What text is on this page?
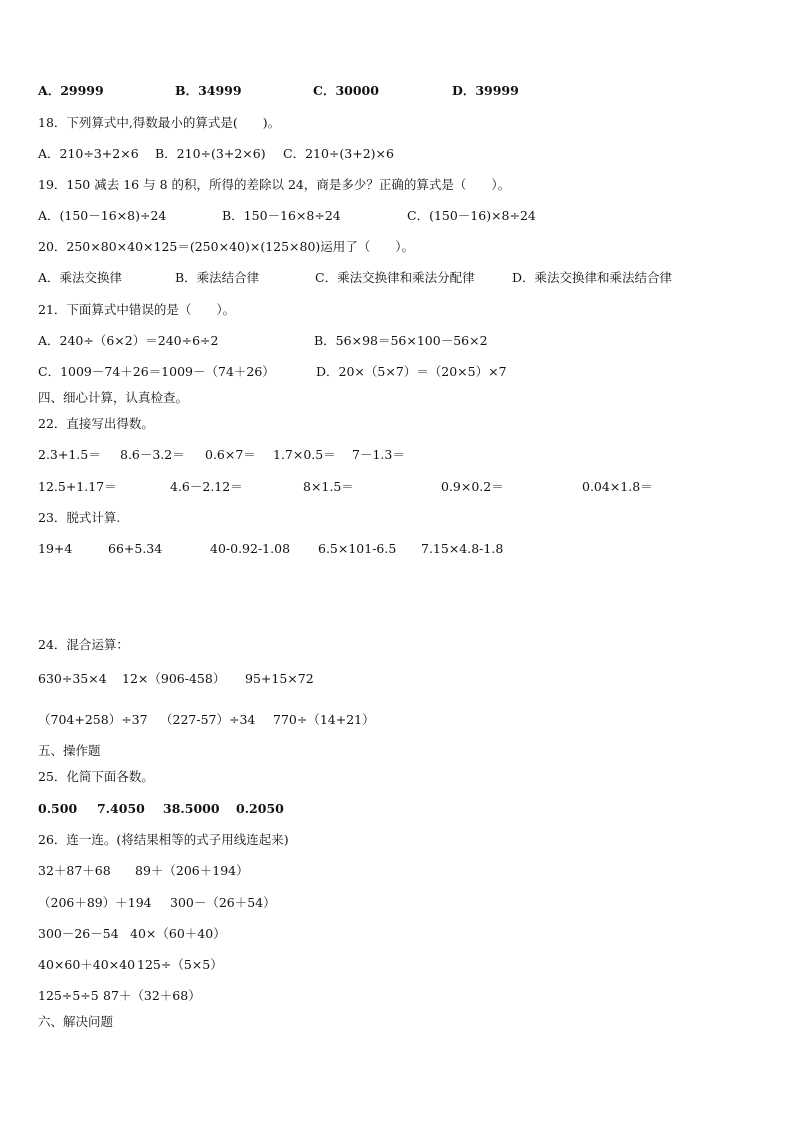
A．29999	B．34999	C．30000	D．39999
18．下列算式中,得数最小的算式是(　　)。
A．210÷3+2×6 B．210÷(3+2×6) C．210÷(3+2)×6
19．150 减去 16 与 8 的积，所得的差除以 24，商是多少？正确的算式是（　　）。
A．(150－16×8)÷24	B．150－16×8÷24	C．(150－16)×8÷24
20．250×80×40×125＝(250×40)×(125×80)运用了（　　）。
A．乘法交换律	B．乘法结合律	C．乘法交换律和乘法分配律	D．乘法交换律和乘法结合律
21．下面算式中错误的是（　　）。
A．240÷（6×2）＝240÷6÷2	B．56×98＝56×100－56×2
C．1009－74＋26＝1009－（74＋26）	D．20×（5×7）＝（20×5）×7
四、细心计算，认真检查。
22．直接写出得数。
2.3+1.5＝ 8.6－3.2＝ 0.6×7＝ 1.7×0.5＝ 7－1.3＝
12.5+1.17＝	4.6－2.12＝	8×1.5＝	0.9×0.2＝	0.04×1.8＝
23．脱式计算.
19+4	66+5.34	40-0.92-1.08 6.5×101-6.5 7.15×4.8-1.8
24．混合运算：
630÷35×4 12×（906-458） 95+15×72
（704+258）÷37 （227-57）÷34 770÷（14+21）
五、操作题
25．化简下面各数。
0.500 7.4050 38.5000 0.2050
26．连一连。(将结果相等的式子用线连起来)
32＋87＋68 89＋（206＋194）
（206＋89）＋194 300－（26＋54）
300－26－54 40×（60＋40）
40×60＋40×40 125÷（5×5）
125÷5÷5 87＋（32＋68）
六、解决问题
